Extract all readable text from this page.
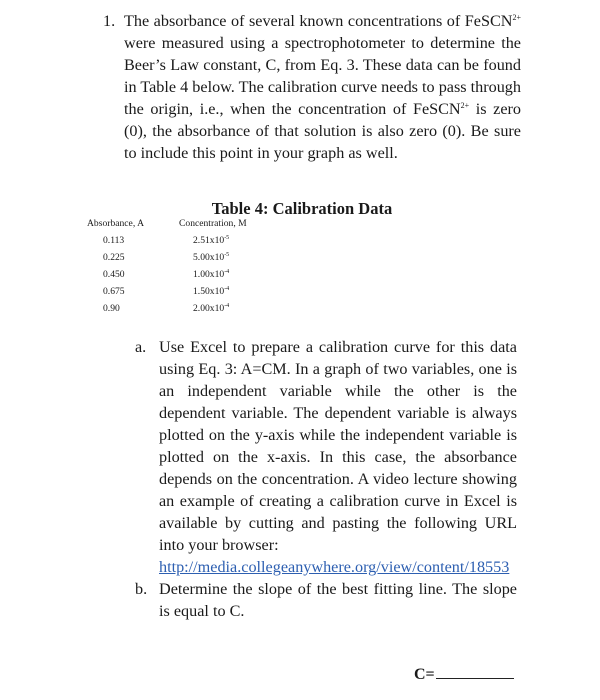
1. The absorbance of several known concentrations of FeSCN$^{2+}$ were measured using a spectrophotometer to determine the Beer’s Law constant, C, from Eq. 3. These data can be found in Table 4 below. The calibration curve needs to pass through the origin, i.e., when the concentration of FeSCN$^{2+}$ is zero (0), the absorbance of that solution is also zero (0). Be sure to include this point in your graph as well.
Table 4: Calibration Data
Absorbance, A	Concentration, M
0.113	$2.51x10^{-5}$
0.225	$5.00x10^{-5}$
0.450	$1.00x10^{-4}$
0.675	$1.50x10^{-4}$
0.90	$2.00x10^{-4}$
a. Use Excel to prepare a calibration curve for this data using Eq. 3: A=CM. In a graph of two variables, one is an independent variable while the other is the dependent variable. The dependent variable is always plotted on the y-axis while the independent variable is plotted on the x-axis. In this case, the absorbance depends on the concentration. A video lecture showing an example of creating a calibration curve in Excel is available by cutting and pasting the following URL into your browser:
http://media.collegeanywhere.org/view/content/18553
b. Determine the slope of the best fitting line. The slope is equal to C.
C=
